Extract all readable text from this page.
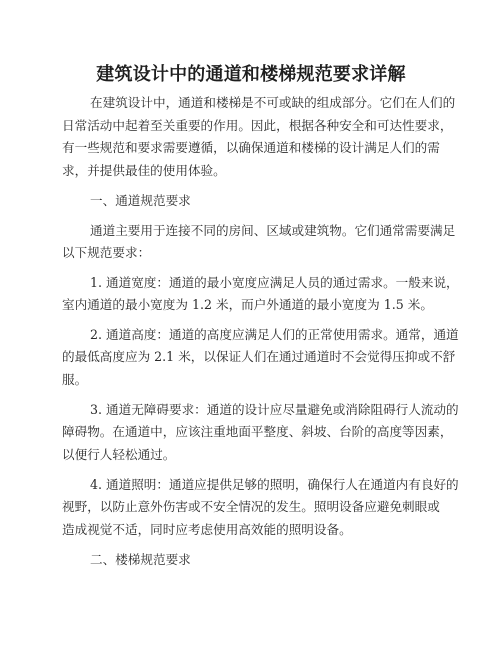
建筑设计中的通道和楼梯规范要求详解
在建筑设计中，通道和楼梯是不可或缺的组成部分。它们在人们的
日常活动中起着至关重要的作用。因此，根据各种安全和可达性要求，
有一些规范和要求需要遵循，以确保通道和楼梯的设计满足人们的需
求，并提供最佳的使用体验。
一、通道规范要求
通道主要用于连接不同的房间、区域或建筑物。它们通常需要满足
以下规范要求：
1. 通道宽度：通道的最小宽度应满足人员的通过需求。一般来说，
室内通道的最小宽度为 1.2 米，而户外通道的最小宽度为 1.5 米。
2. 通道高度：通道的高度应满足人们的正常使用需求。通常，通道
的最低高度应为 2.1 米，以保证人们在通过通道时不会觉得压抑或不舒
服。
3. 通道无障碍要求：通道的设计应尽量避免或消除阻碍行人流动的
障碍物。在通道中，应该注重地面平整度、斜坡、台阶的高度等因素，
以便行人轻松通过。
4. 通道照明：通道应提供足够的照明，确保行人在通道内有良好的
视野，以防止意外伤害或不安全情况的发生。照明设备应避免刺眼或
造成视觉不适，同时应考虑使用高效能的照明设备。
二、楼梯规范要求
